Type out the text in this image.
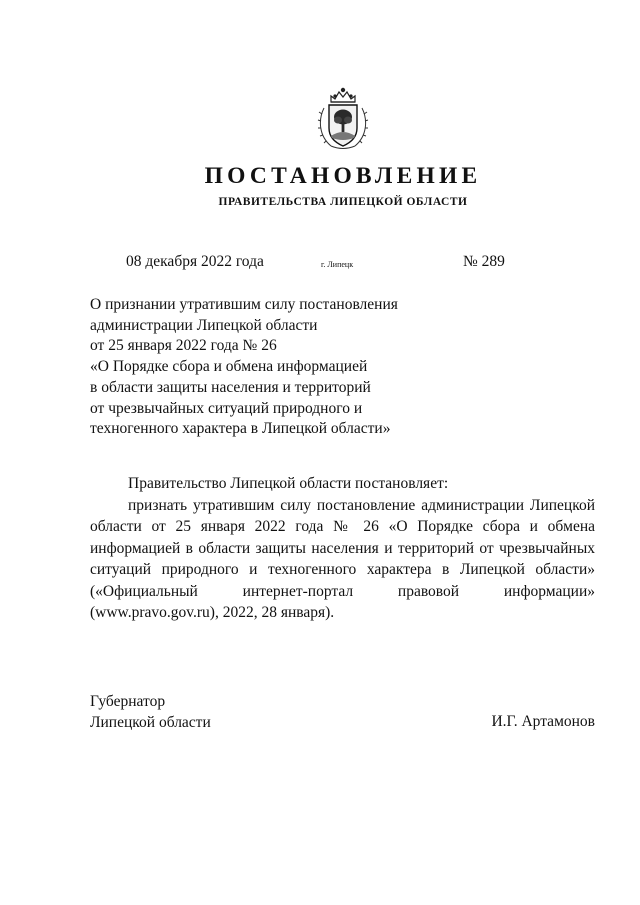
ПОСТАНОВЛЕНИЕ
ПРАВИТЕЛЬСТВА ЛИПЕЦКОЙ ОБЛАСТИ
08 декабря 2022 года	г. Липецк	№ 289
О признании утратившим силу постановления
администрации Липецкой области
от 25 января 2022 года № 26
«О Порядке сбора и обмена информацией
в области защиты населения и территорий
от чрезвычайных ситуаций природного и
техногенного характера в Липецкой области»
Правительство Липецкой области постановляет:
признать утратившим силу постановление администрации Липецкой области от 25 января 2022 года № 26 «О Порядке сбора и обмена информацией в области защиты населения и территорий от чрезвычайных ситуаций природного и техногенного характера в Липецкой области» («Официальный интернет-портал правовой информации» (www.pravo.gov.ru), 2022, 28 января).
Губернатор
Липецкой области	И.Г. Артамонов
